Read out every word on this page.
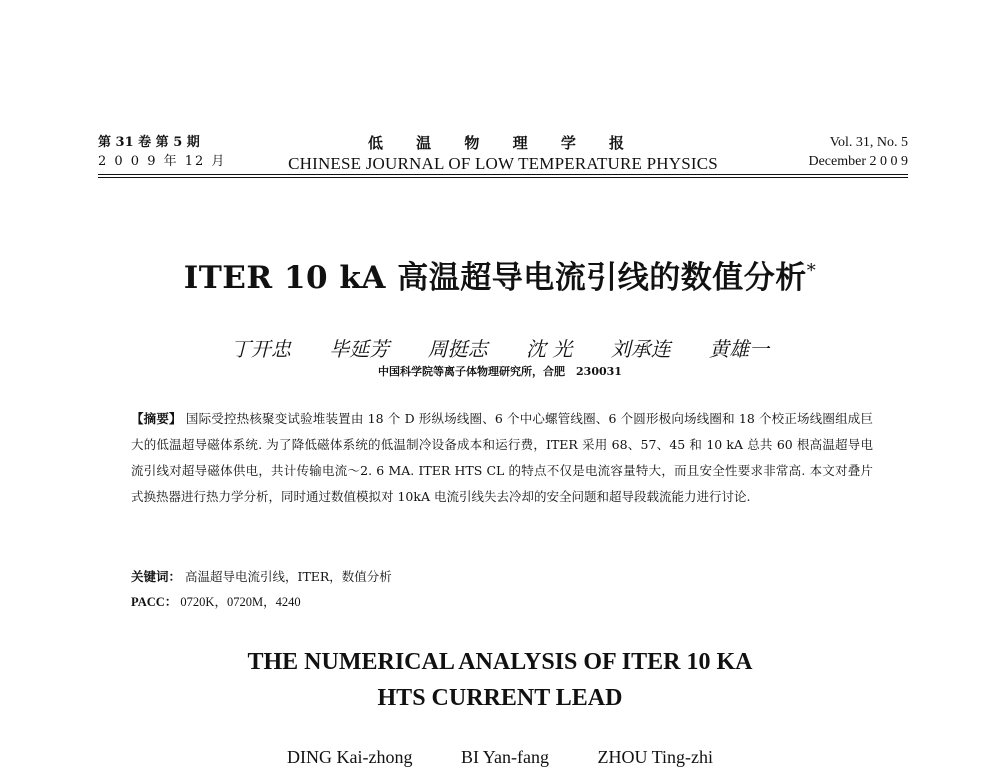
第 31 卷 第 5 期
2 0 0 9 年 12 月
低 温 物 理 学 报
CHINESE JOURNAL OF LOW TEMPERATURE PHYSICS
Vol. 31, No. 5
December 2 0 0 9
ITER 10 kA 高温超导电流引线的数值分析*
丁开忠 毕延芳 周挺志 沈 光 刘承连 黄雄一
中国科学院等离子体物理研究所，合肥　230031
【摘要】 国际受控热核聚变试验堆装置由 18 个 D 形纵场线圈、6 个中心螺管线圈、6 个圆形极向场线圈和 18 个校正场线圈组成巨大的低温超导磁体系统. 为了降低磁体系统的低温制冷设备成本和运行费，ITER 采用 68、57、45 和 10 kA 总共 60 根高温超导电流引线对超导磁体供电，共计传输电流～2. 6 MA. ITER HTS CL 的特点不仅是电流容量特大，而且安全性要求非常高. 本文对叠片式换热器进行热力学分析，同时通过数值模拟对 10kA 电流引线失去冷却的安全问题和超导段载流能力进行讨论.
关键词： 高温超导电流引线，ITER，数值分析
PACC： 0720K，0720M，4240
THE NUMERICAL ANALYSIS OF ITER 10 KA
HTS CURRENT LEAD
DING Kai-zhong	BI Yan-fang	ZHOU Ting-zhi
